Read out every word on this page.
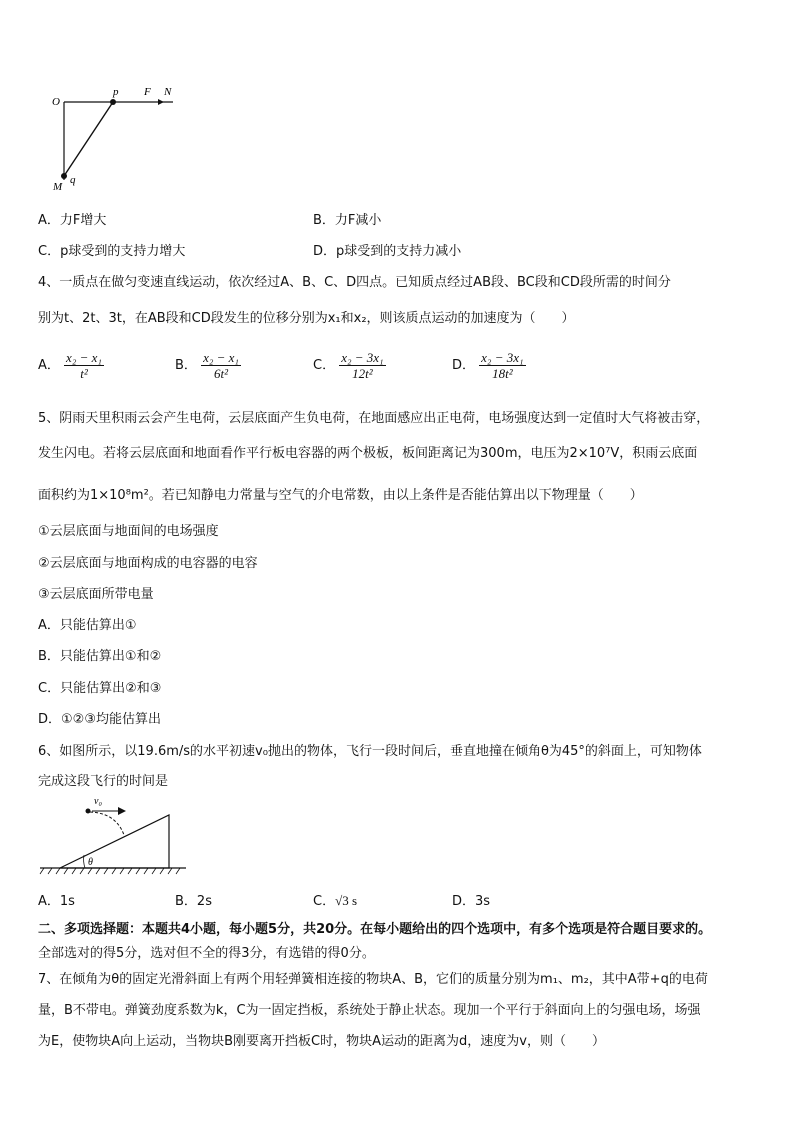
O
p F N
M
q
A．力F增大	B．力F减小
C．p球受到的支持力增大	D．p球受到的支持力减小
4、一质点在做匀变速直线运动，依次经过A、B、C、D四点。已知质点经过AB段、BC段和CD段所需的时间分
别为t、2t、3t，在AB段和CD段发生的位移分别为x₁和x₂，则该质点运动的加速度为（　　）
A． $\frac{\text{x₂ − x₁}}{\text{t²}}$	B． $\frac{\text{x₂ − x₁}}{\text{6t²}}$	C． $\frac{\text{x₂ − 3x₁}}{\text{12t²}}$	D． $\frac{\text{x₂ − 3x₁}}{\text{18t²}}$
5、阴雨天里积雨云会产生电荷，云层底面产生负电荷，在地面感应出正电荷，电场强度达到一定值时大气将被击穿，
发生闪电。若将云层底面和地面看作平行板电容器的两个极板，板间距离记为300m，电压为2×10⁷V，积雨云底面
面积约为1×10⁸m²。若已知静电力常量与空气的介电常数，由以上条件是否能估算出以下物理量（　　）
①云层底面与地面间的电场强度
②云层底面与地面构成的电容器的电容
③云层底面所带电量
A．只能估算出①
B．只能估算出①和②
C．只能估算出②和③
D．①②③均能估算出
6、如图所示，以19.6m/s的水平初速v₀抛出的物体，飞行一段时间后，垂直地撞在倾角θ为45°的斜面上，可知物体
完成这段飞行的时间是
θ
v₀
A．1s	B．2s	C．√3 s	D．3s
二、多项选择题：本题共4小题，每小题5分，共20分。在每小题给出的四个选项中，有多个选项是符合题目要求的。
全部选对的得5分，选对但不全的得3分，有选错的得0分。
7、在倾角为θ的固定光滑斜面上有两个用轻弹簧相连接的物块A、B，它们的质量分别为m₁、m₂，其中A带+q的电荷
量，B不带电。弹簧劲度系数为k，C为一固定挡板，系统处于静止状态。现加一个平行于斜面向上的匀强电场，场强
为E，使物块A向上运动，当物块B刚要离开挡板C时，物块A运动的距离为d，速度为v，则（　　）
